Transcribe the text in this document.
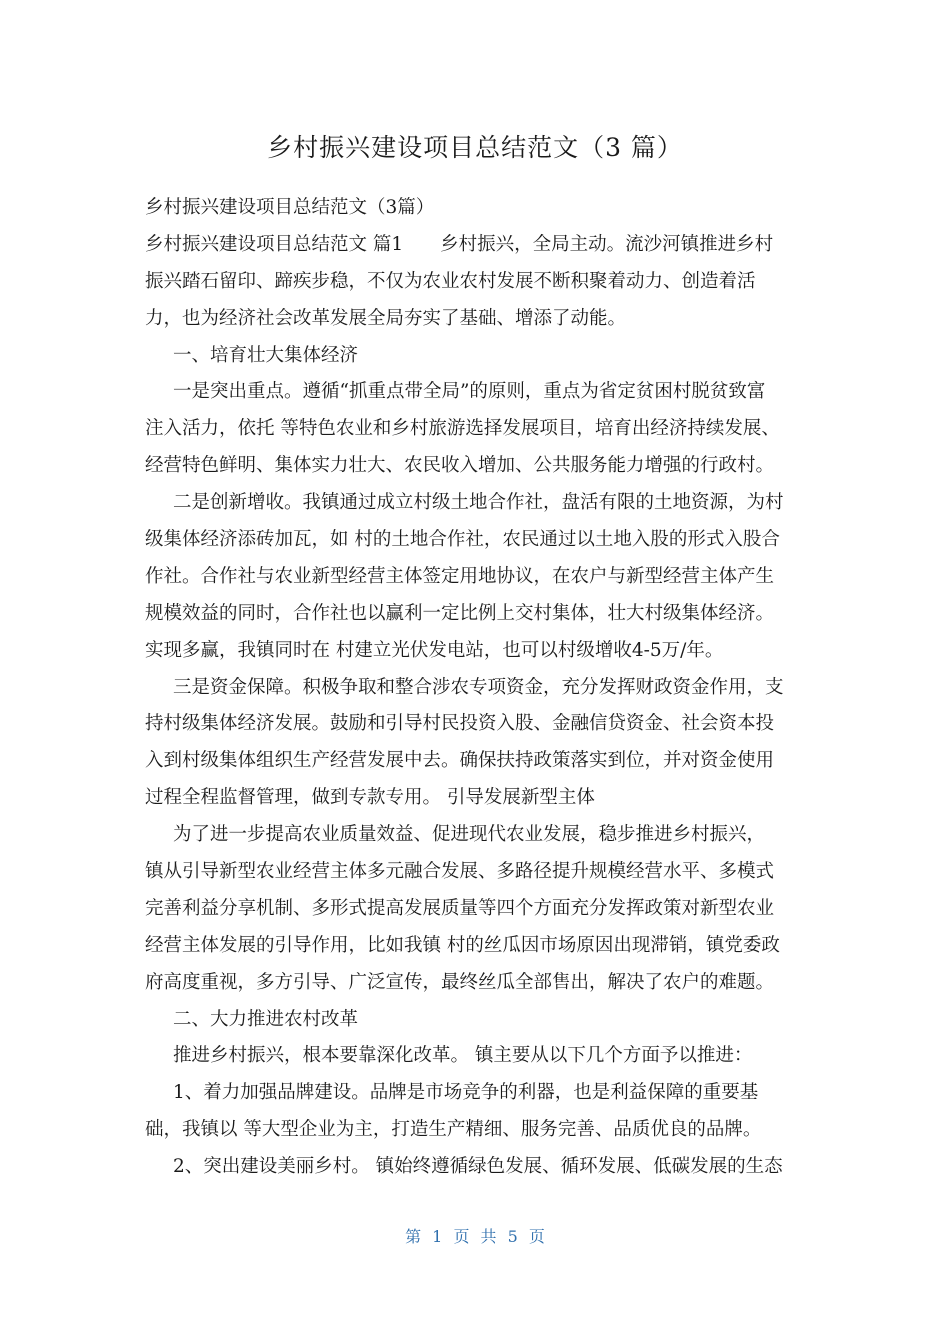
乡村振兴建设项目总结范文（3 篇）
乡村振兴建设项目总结范文（3篇）
乡村振兴建设项目总结范文 篇1　　乡村振兴，全局主动。流沙河镇推进乡村
振兴踏石留印、蹄疾步稳，不仅为农业农村发展不断积聚着动力、创造着活
力，也为经济社会改革发展全局夯实了基础、增添了动能。
一、培育壮大集体经济
一是突出重点。遵循“抓重点带全局”的原则，重点为省定贫困村脱贫致富
注入活力，依托 等特色农业和乡村旅游选择发展项目，培育出经济持续发展、
经营特色鲜明、集体实力壮大、农民收入增加、公共服务能力增强的行政村。
二是创新增收。我镇通过成立村级土地合作社，盘活有限的土地资源，为村
级集体经济添砖加瓦，如 村的土地合作社，农民通过以土地入股的形式入股合
作社。合作社与农业新型经营主体签定用地协议，在农户与新型经营主体产生
规模效益的同时，合作社也以赢利一定比例上交村集体，壮大村级集体经济。
实现多赢，我镇同时在 村建立光伏发电站，也可以村级增收4-5万/年。
三是资金保障。积极争取和整合涉农专项资金，充分发挥财政资金作用，支
持村级集体经济发展。鼓励和引导村民投资入股、金融信贷资金、社会资本投
入到村级集体组织生产经营发展中去。确保扶持政策落实到位，并对资金使用
过程全程监督管理，做到专款专用。 引导发展新型主体
为了进一步提高农业质量效益、促进现代农业发展，稳步推进乡村振兴，
镇从引导新型农业经营主体多元融合发展、多路径提升规模经营水平、多模式
完善利益分享机制、多形式提高发展质量等四个方面充分发挥政策对新型农业
经营主体发展的引导作用，比如我镇 村的丝瓜因市场原因出现滞销，镇党委政
府高度重视，多方引导、广泛宣传，最终丝瓜全部售出，解决了农户的难题。
二、大力推进农村改革
推进乡村振兴，根本要靠深化改革。 镇主要从以下几个方面予以推进：
1、着力加强品牌建设。品牌是市场竞争的利器，也是利益保障的重要基
础，我镇以 等大型企业为主，打造生产精细、服务完善、品质优良的品牌。
2、突出建设美丽乡村。 镇始终遵循绿色发展、循环发展、低碳发展的生态
第 1 页 共 5 页
